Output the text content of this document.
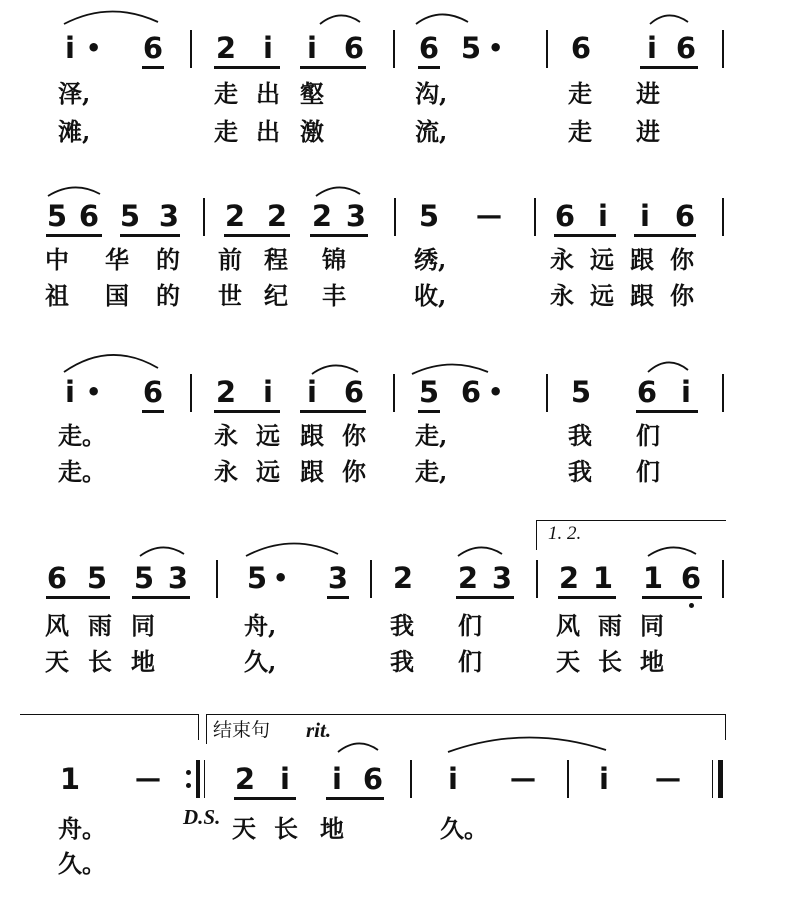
i • 6 2 i i 6 6 5 • 6 i 6
泽,	走 出 壑	沟,	走 进
滩,	走 出 激	流,	走 进
5 6 5 3 2 2 2 3 5 — 6 i i 6
中 华 的 前 程 锦	绣,	永 远 跟 你
祖 国 的 世 纪 丰	收,	永 远 跟 你
i • 6 2 i i 6 5 6 • 5 6 i
走。	永 远 跟 你 走,	我 们
走。	永 远 跟 你 走,	我 们
1. 2.
6 5 5 3 5 • 3 2 2 3 2 1 1 6
风 雨 同	舟,	我 们	风 雨 同
天 长 地	久,	我 们	天 长 地
结束句 rit.
1 —	2 i i 6 i	— i	—
舟。	D.S. 天 长 地	久。
久。
